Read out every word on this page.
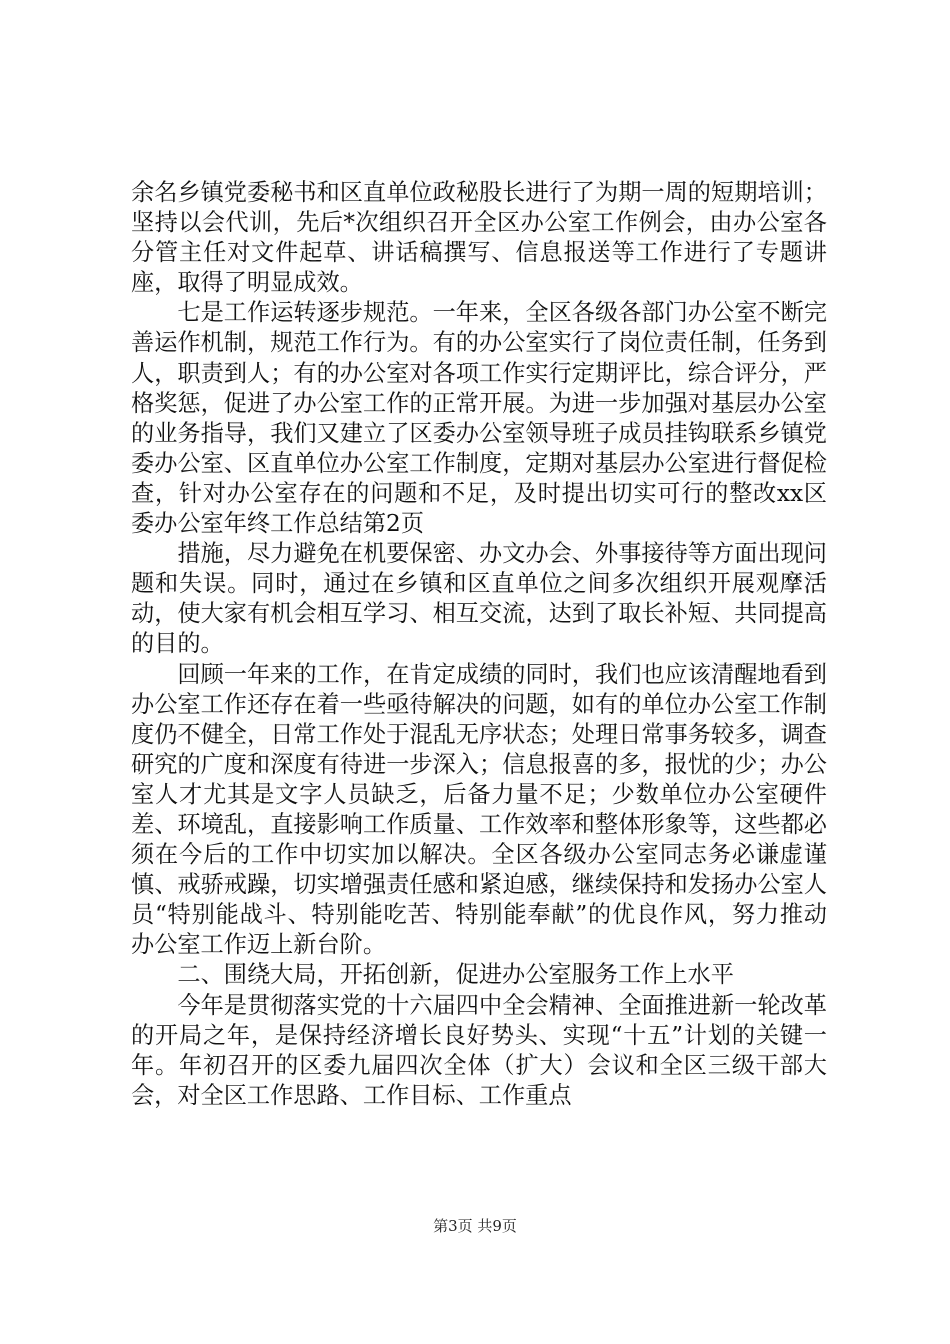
余名乡镇党委秘书和区直单位政秘股长进行了为期一周的短期培训；坚持以会代训，先后*次组织召开全区办公室工作例会，由办公室各分管主任对文件起草、讲话稿撰写、信息报送等工作进行了专题讲座，取得了明显成效。

七是工作运转逐步规范。一年来，全区各级各部门办公室不断完善运作机制，规范工作行为。有的办公室实行了岗位责任制，任务到人，职责到人；有的办公室对各项工作实行定期评比，综合评分，严格奖惩，促进了办公室工作的正常开展。为进一步加强对基层办公室的业务指导，我们又建立了区委办公室领导班子成员挂钩联系乡镇党委办公室、区直单位办公室工作制度，定期对基层办公室进行督促检查，针对办公室存在的问题和不足，及时提出切实可行的整改xx区委办公室年终工作总结第2页

措施，尽力避免在机要保密、办文办会、外事接待等方面出现问题和失误。同时，通过在乡镇和区直单位之间多次组织开展观摩活动，使大家有机会相互学习、相互交流，达到了取长补短、共同提高的目的。

回顾一年来的工作，在肯定成绩的同时，我们也应该清醒地看到办公室工作还存在着一些亟待解决的问题，如有的单位办公室工作制度仍不健全，日常工作处于混乱无序状态；处理日常事务较多，调查研究的广度和深度有待进一步深入；信息报喜的多，报忧的少；办公室人才尤其是文字人员缺乏，后备力量不足；少数单位办公室硬件差、环境乱，直接影响工作质量、工作效率和整体形象等，这些都必须在今后的工作中切实加以解决。全区各级办公室同志务必谦虚谨慎、戒骄戒躁，切实增强责任感和紧迫感，继续保持和发扬办公室人员“特别能战斗、特别能吃苦、特别能奉献”的优良作风，努力推动办公室工作迈上新台阶。

二、围绕大局，开拓创新，促进办公室服务工作上水平

今年是贯彻落实党的十六届四中全会精神、全面推进新一轮改革的开局之年，是保持经济增长良好势头、实现“十五”计划的关键一年。年初召开的区委九届四次全体（扩大）会议和全区三级干部大会，对全区工作思路、工作目标、工作重点

第3页 共9页
